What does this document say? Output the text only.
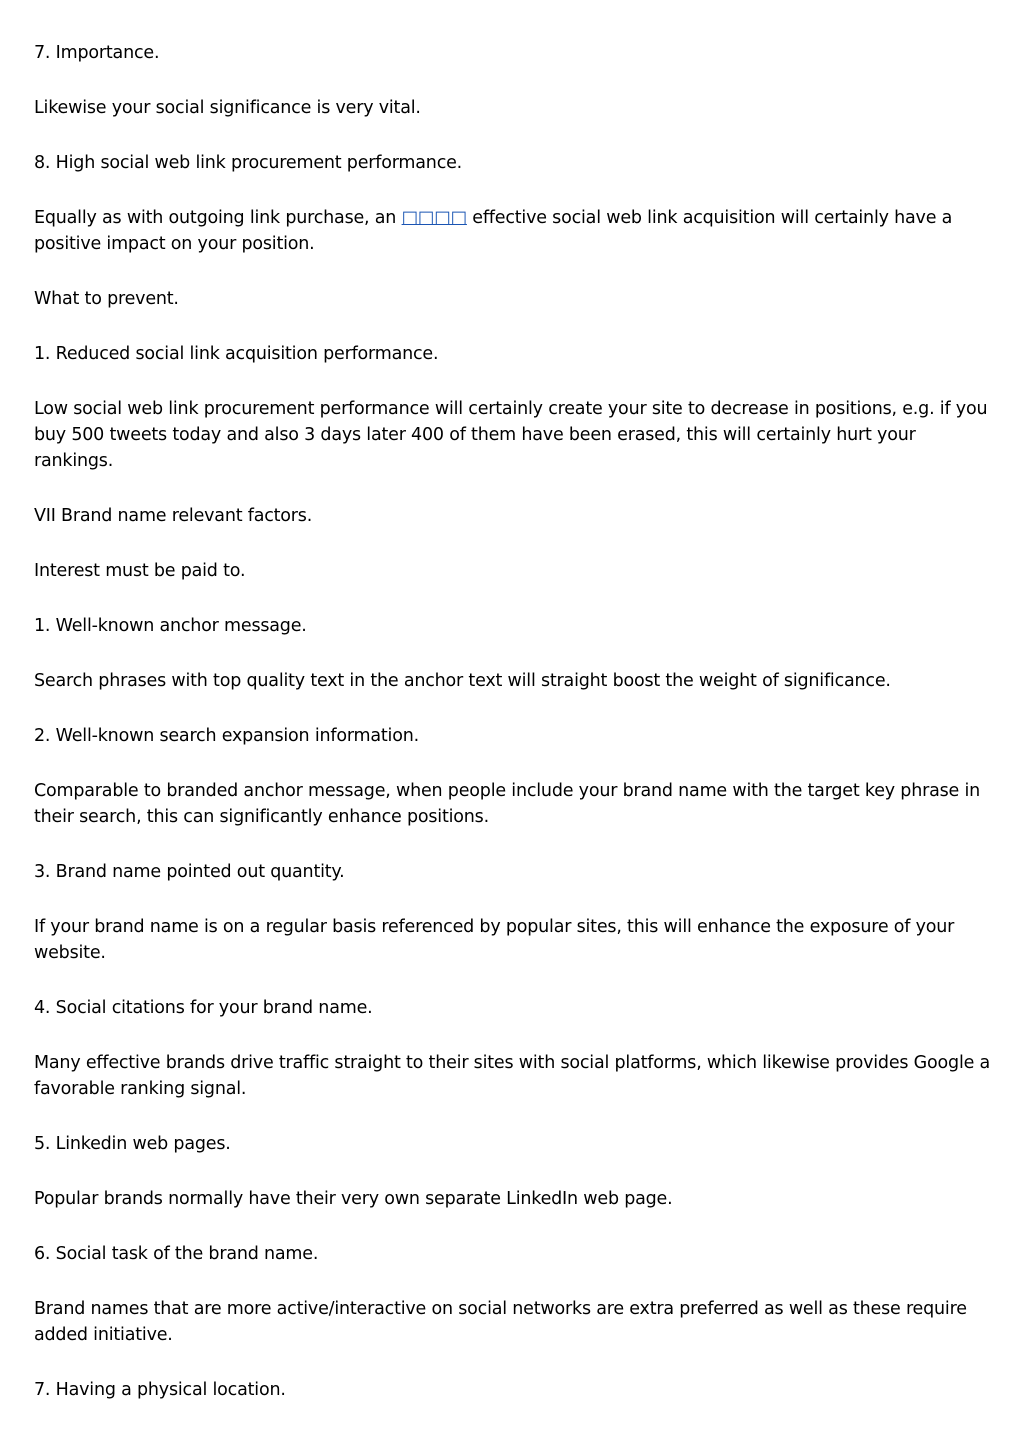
7. Importance.

Likewise your social significance is very vital.

8. High social web link procurement performance.

Equally as with outgoing link purchase, an □□□□ effective social web link acquisition will certainly have a positive impact on your position.

What to prevent.

1. Reduced social link acquisition performance.

Low social web link procurement performance will certainly create your site to decrease in positions, e.g. if you buy 500 tweets today and also 3 days later 400 of them have been erased, this will certainly hurt your rankings.

VII Brand name relevant factors.

Interest must be paid to.

1. Well-known anchor message.

Search phrases with top quality text in the anchor text will straight boost the weight of significance.

2. Well-known search expansion information.

Comparable to branded anchor message, when people include your brand name with the target key phrase in their search, this can significantly enhance positions.

3. Brand name pointed out quantity.

If your brand name is on a regular basis referenced by popular sites, this will enhance the exposure of your website.

4. Social citations for your brand name.

Many effective brands drive traffic straight to their sites with social platforms, which likewise provides Google a favorable ranking signal.

5. Linkedin web pages.

Popular brands normally have their very own separate LinkedIn web page.

6. Social task of the brand name.

Brand names that are more active/interactive on social networks are extra preferred as well as these require added initiative.

7. Having a physical location.
